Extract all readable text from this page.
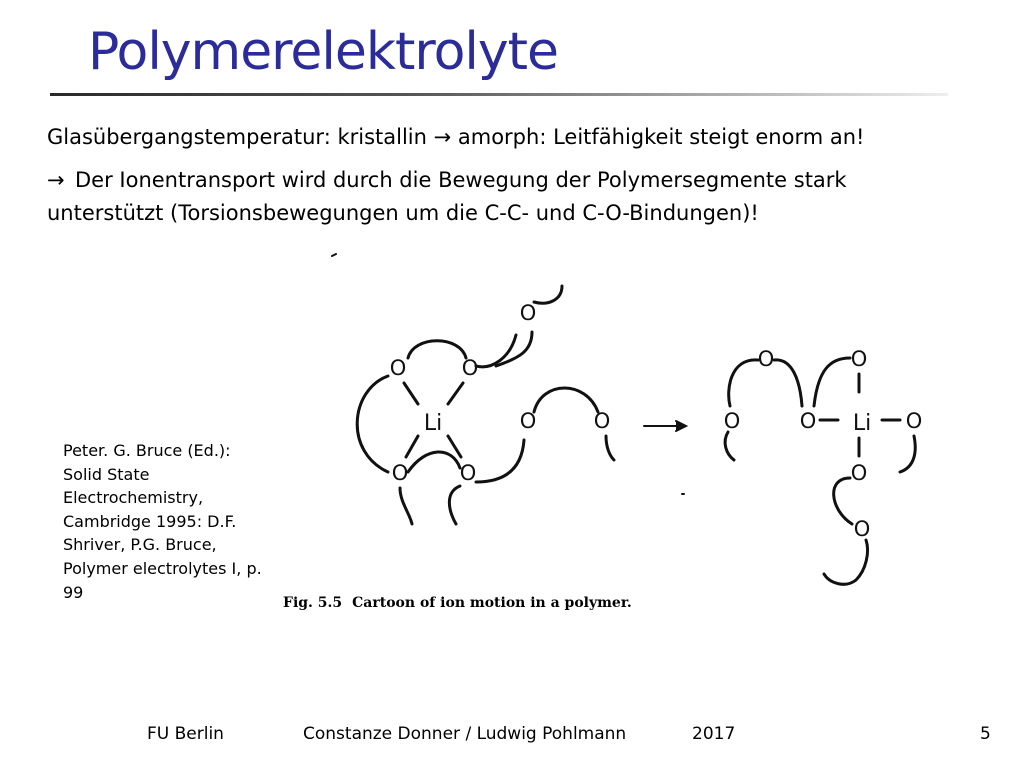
Polymerelektrolyte
Glasübergangstemperatur: kristallin → amorph: Leitfähigkeit steigt enorm an!
→ Der Ionentransport wird durch die Bewegung der Polymersegmente stark
unterstützt (Torsionsbewegungen um die C-C- und C-O-Bindungen)!
Peter. G. Bruce (Ed.): Solid State Electrochemistry, Cambridge 1995: D.F. Shriver, P.G. Bruce, Polymer electrolytes I, p. 99
Li
O	O
O O
O
O	O	Li
O	O
O	O	O
O
O
Fig. 5.5 Cartoon of ion motion in a polymer.
FU Berlin	Constanze Donner / Ludwig Pohlmann	2017	5
